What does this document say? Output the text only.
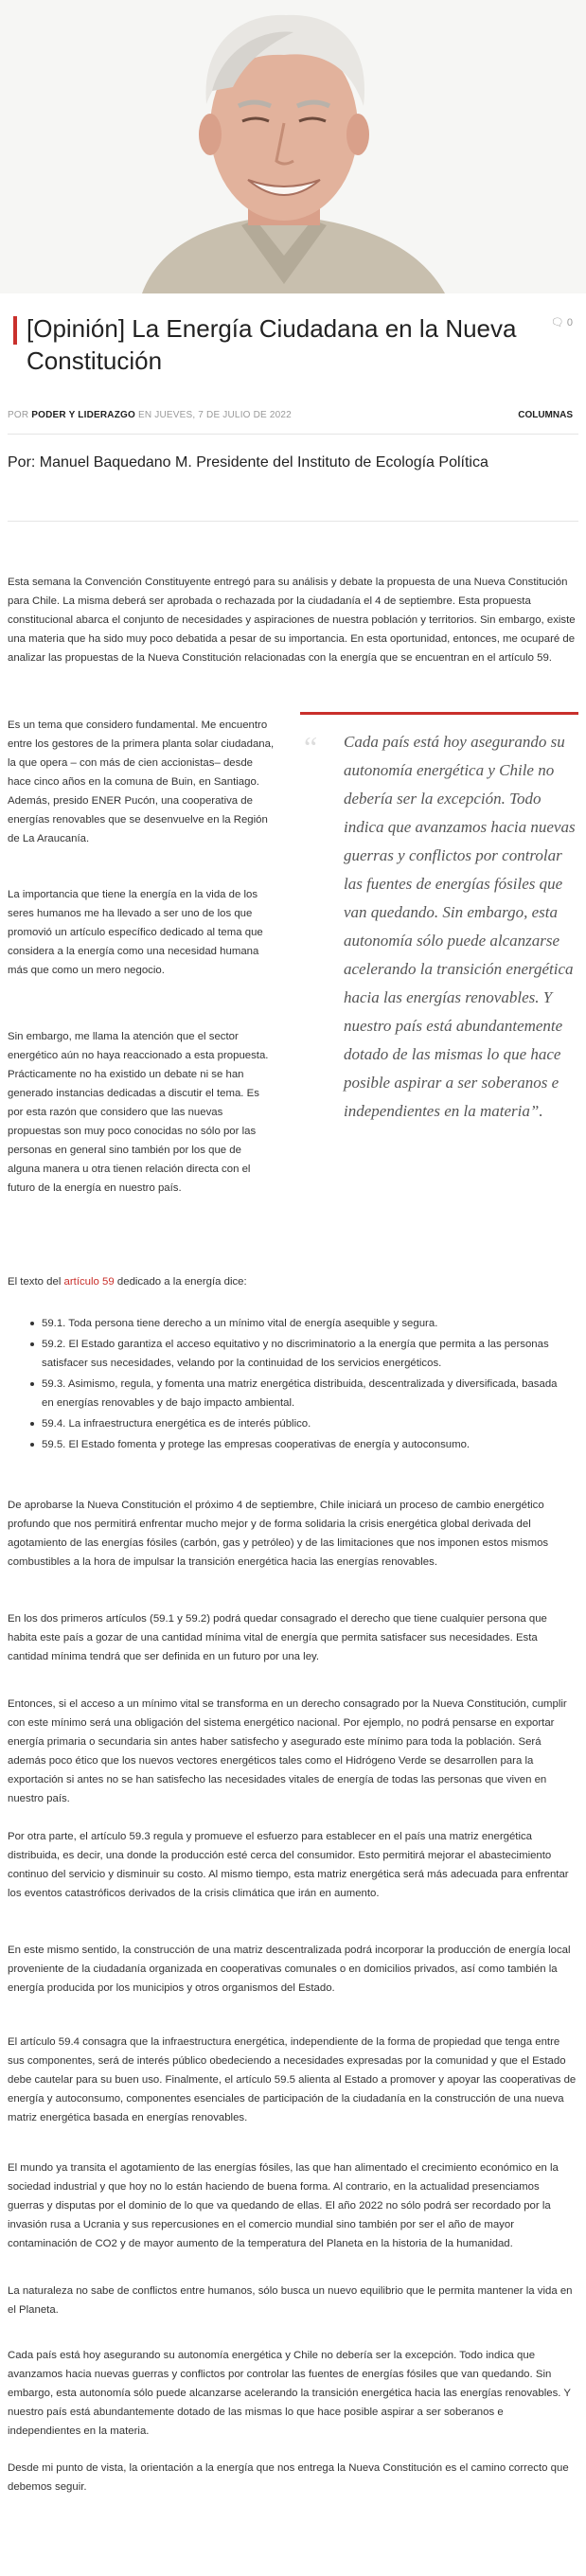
[Opinión] La Energía Ciudadana en la Nueva Constitución
🗨 0
POR PODER Y LIDERAZGO EN JUEVES, 7 DE JULIO DE 2022	COLUMNAS
Por: Manuel Baquedano M. Presidente del Instituto de Ecología Política

Esta semana la Convención Constituyente entregó para su análisis y debate la propuesta de una Nueva Constitución para Chile. La misma deberá ser aprobada o rechazada por la ciudadanía el 4 de septiembre. Esta propuesta constitucional abarca el conjunto de necesidades y aspiraciones de nuestra población y territorios. Sin embargo, existe una materia que ha sido muy poco debatida a pesar de su importancia. En esta oportunidad, entonces, me ocuparé de analizar las propuestas de la Nueva Constitución relacionadas con la energía que se encuentran en el artículo 59.

Es un tema que considero fundamental. Me encuentro entre los gestores de la primera planta solar ciudadana, la que opera – con más de cien accionistas– desde hace cinco años en la comuna de Buin, en Santiago. Además, presido ENER Pucón, una cooperativa de energías renovables que se desenvuelve en la Región de La Araucanía.

La importancia que tiene la energía en la vida de los seres humanos me ha llevado a ser uno de los que promovió un artículo específico dedicado al tema que considera a la energía como una necesidad humana más que como un mero negocio.

Sin embargo, me llama la atención que el sector energético aún no haya reaccionado a esta propuesta. Prácticamente no ha existido un debate ni se han generado instancias dedicadas a discutir el tema. Es por esta razón que considero que las nuevas propuestas son muy poco conocidas no sólo por las personas en general sino también por los que de alguna manera u otra tienen relación directa con el futuro de la energía en nuestro país.

“ Cada país está hoy asegurando su autonomía energética y Chile no debería ser la excepción. Todo indica que avanzamos hacia nuevas guerras y conflictos por controlar las fuentes de energías fósiles que van quedando. Sin embargo, esta autonomía sólo puede alcanzarse acelerando la transición energética hacia las energías renovables. Y nuestro país está abundantemente dotado de las mismas lo que hace posible aspirar a ser soberanos e independientes en la materia”.

El texto del artículo 59 dedicado a la energía dice:

59.1. Toda persona tiene derecho a un mínimo vital de energía asequible y segura.
59.2. El Estado garantiza el acceso equitativo y no discriminatorio a la energía que permita a las personas satisfacer sus necesidades, velando por la continuidad de los servicios energéticos.
59.3. Asimismo, regula, y fomenta una matriz energética distribuida, descentralizada y diversificada, basada en energías renovables y de bajo impacto ambiental.
59.4. La infraestructura energética es de interés público.
59.5. El Estado fomenta y protege las empresas cooperativas de energía y autoconsumo.

De aprobarse la Nueva Constitución el próximo 4 de septiembre, Chile iniciará un proceso de cambio energético profundo que nos permitirá enfrentar mucho mejor y de forma solidaria la crisis energética global derivada del agotamiento de las energías fósiles (carbón, gas y petróleo) y de las limitaciones que nos imponen estos mismos combustibles a la hora de impulsar la transición energética hacia las energías renovables.

En los dos primeros artículos (59.1 y 59.2) podrá quedar consagrado el derecho que tiene cualquier persona que habita este país a gozar de una cantidad mínima vital de energía que permita satisfacer sus necesidades. Esta cantidad mínima tendrá que ser definida en un futuro por una ley.

Entonces, si el acceso a un mínimo vital se transforma en un derecho consagrado por la Nueva Constitución, cumplir con este mínimo será una obligación del sistema energético nacional. Por ejemplo, no podrá pensarse en exportar energía primaria o secundaria sin antes haber satisfecho y asegurado este mínimo para toda la población. Será además poco ético que los nuevos vectores energéticos tales como el Hidrógeno Verde se desarrollen para la exportación si antes no se han satisfecho las necesidades vitales de energía de todas las personas que viven en nuestro país.

Por otra parte, el artículo 59.3 regula y promueve el esfuerzo para establecer en el país una matriz energética distribuida, es decir, una donde la producción esté cerca del consumidor. Esto permitirá mejorar el abastecimiento continuo del servicio y disminuir su costo. Al mismo tiempo, esta matriz energética será más adecuada para enfrentar los eventos catastróficos derivados de la crisis climática que irán en aumento.

En este mismo sentido, la construcción de una matriz descentralizada podrá incorporar la producción de energía local proveniente de la ciudadanía organizada en cooperativas comunales o en domicilios privados, así como también la energía producida por los municipios y otros organismos del Estado.

El artículo 59.4 consagra que la infraestructura energética, independiente de la forma de propiedad que tenga entre sus componentes, será de interés público obedeciendo a necesidades expresadas por la comunidad y que el Estado debe cautelar para su buen uso. Finalmente, el artículo 59.5 alienta al Estado a promover y apoyar las cooperativas de energía y autoconsumo, componentes esenciales de participación de la ciudadanía en la construcción de una nueva matriz energética basada en energías renovables.

El mundo ya transita el agotamiento de las energías fósiles, las que han alimentado el crecimiento económico en la sociedad industrial y que hoy no lo están haciendo de buena forma. Al contrario, en la actualidad presenciamos guerras y disputas por el dominio de lo que va quedando de ellas. El año 2022 no sólo podrá ser recordado por la invasión rusa a Ucrania y sus repercusiones en el comercio mundial sino también por ser el año de mayor contaminación de CO2 y de mayor aumento de la temperatura del Planeta en la historia de la humanidad.

La naturaleza no sabe de conflictos entre humanos, sólo busca un nuevo equilibrio que le permita mantener la vida en el Planeta.

Cada país está hoy asegurando su autonomía energética y Chile no debería ser la excepción. Todo indica que avanzamos hacia nuevas guerras y conflictos por controlar las fuentes de energías fósiles que van quedando. Sin embargo, esta autonomía sólo puede alcanzarse acelerando la transición energética hacia las energías renovables. Y nuestro país está abundantemente dotado de las mismas lo que hace posible aspirar a ser soberanos e independientes en la materia.

Desde mi punto de vista, la orientación a la energía que nos entrega la Nueva Constitución es el camino correcto que debemos seguir.
